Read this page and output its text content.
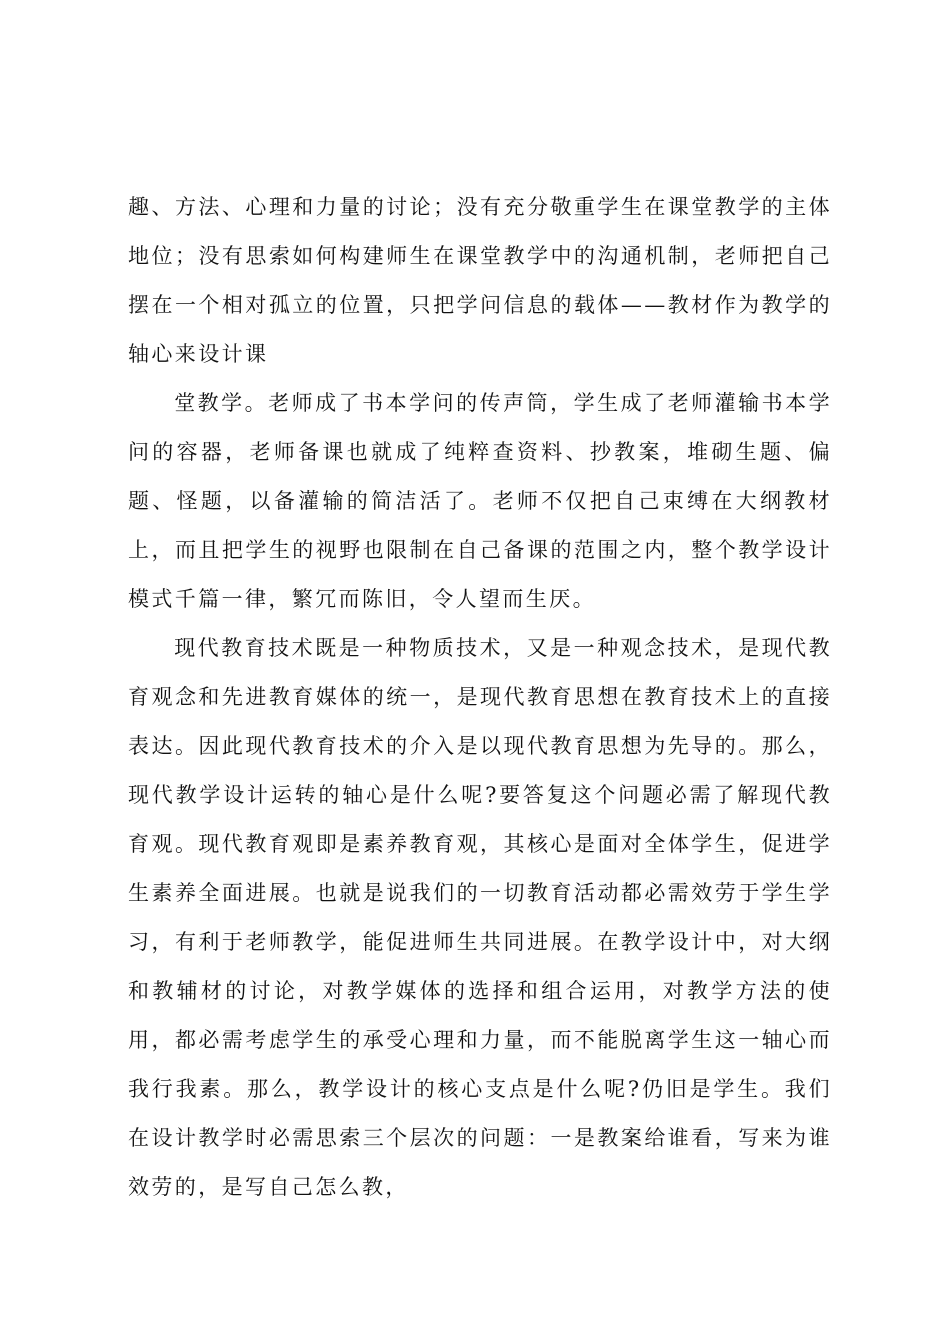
趣、方法、心理和力量的讨论；没有充分敬重学生在课堂教学的主体地位；没有思索如何构建师生在课堂教学中的沟通机制，老师把自己摆在一个相对孤立的位置，只把学问信息的载体——教材作为教学的轴心来设计课

堂教学。老师成了书本学问的传声筒，学生成了老师灌输书本学问的容器，老师备课也就成了纯粹查资料、抄教案，堆砌生题、偏题、怪题，以备灌输的简洁活了。老师不仅把自己束缚在大纲教材上，而且把学生的视野也限制在自己备课的范围之内，整个教学设计模式千篇一律，繁冗而陈旧，令人望而生厌。

现代教育技术既是一种物质技术，又是一种观念技术，是现代教育观念和先进教育媒体的统一，是现代教育思想在教育技术上的直接表达。因此现代教育技术的介入是以现代教育思想为先导的。那么，现代教学设计运转的轴心是什么呢?要答复这个问题必需了解现代教育观。现代教育观即是素养教育观，其核心是面对全体学生，促进学生素养全面进展。也就是说我们的一切教育活动都必需效劳于学生学习，有利于老师教学，能促进师生共同进展。在教学设计中，对大纲和教辅材的讨论，对教学媒体的选择和组合运用，对教学方法的使用，都必需考虑学生的承受心理和力量，而不能脱离学生这一轴心而我行我素。那么，教学设计的核心支点是什么呢?仍旧是学生。我们在设计教学时必需思索三个层次的问题：一是教案给谁看，写来为谁效劳的，是写自己怎么教，
